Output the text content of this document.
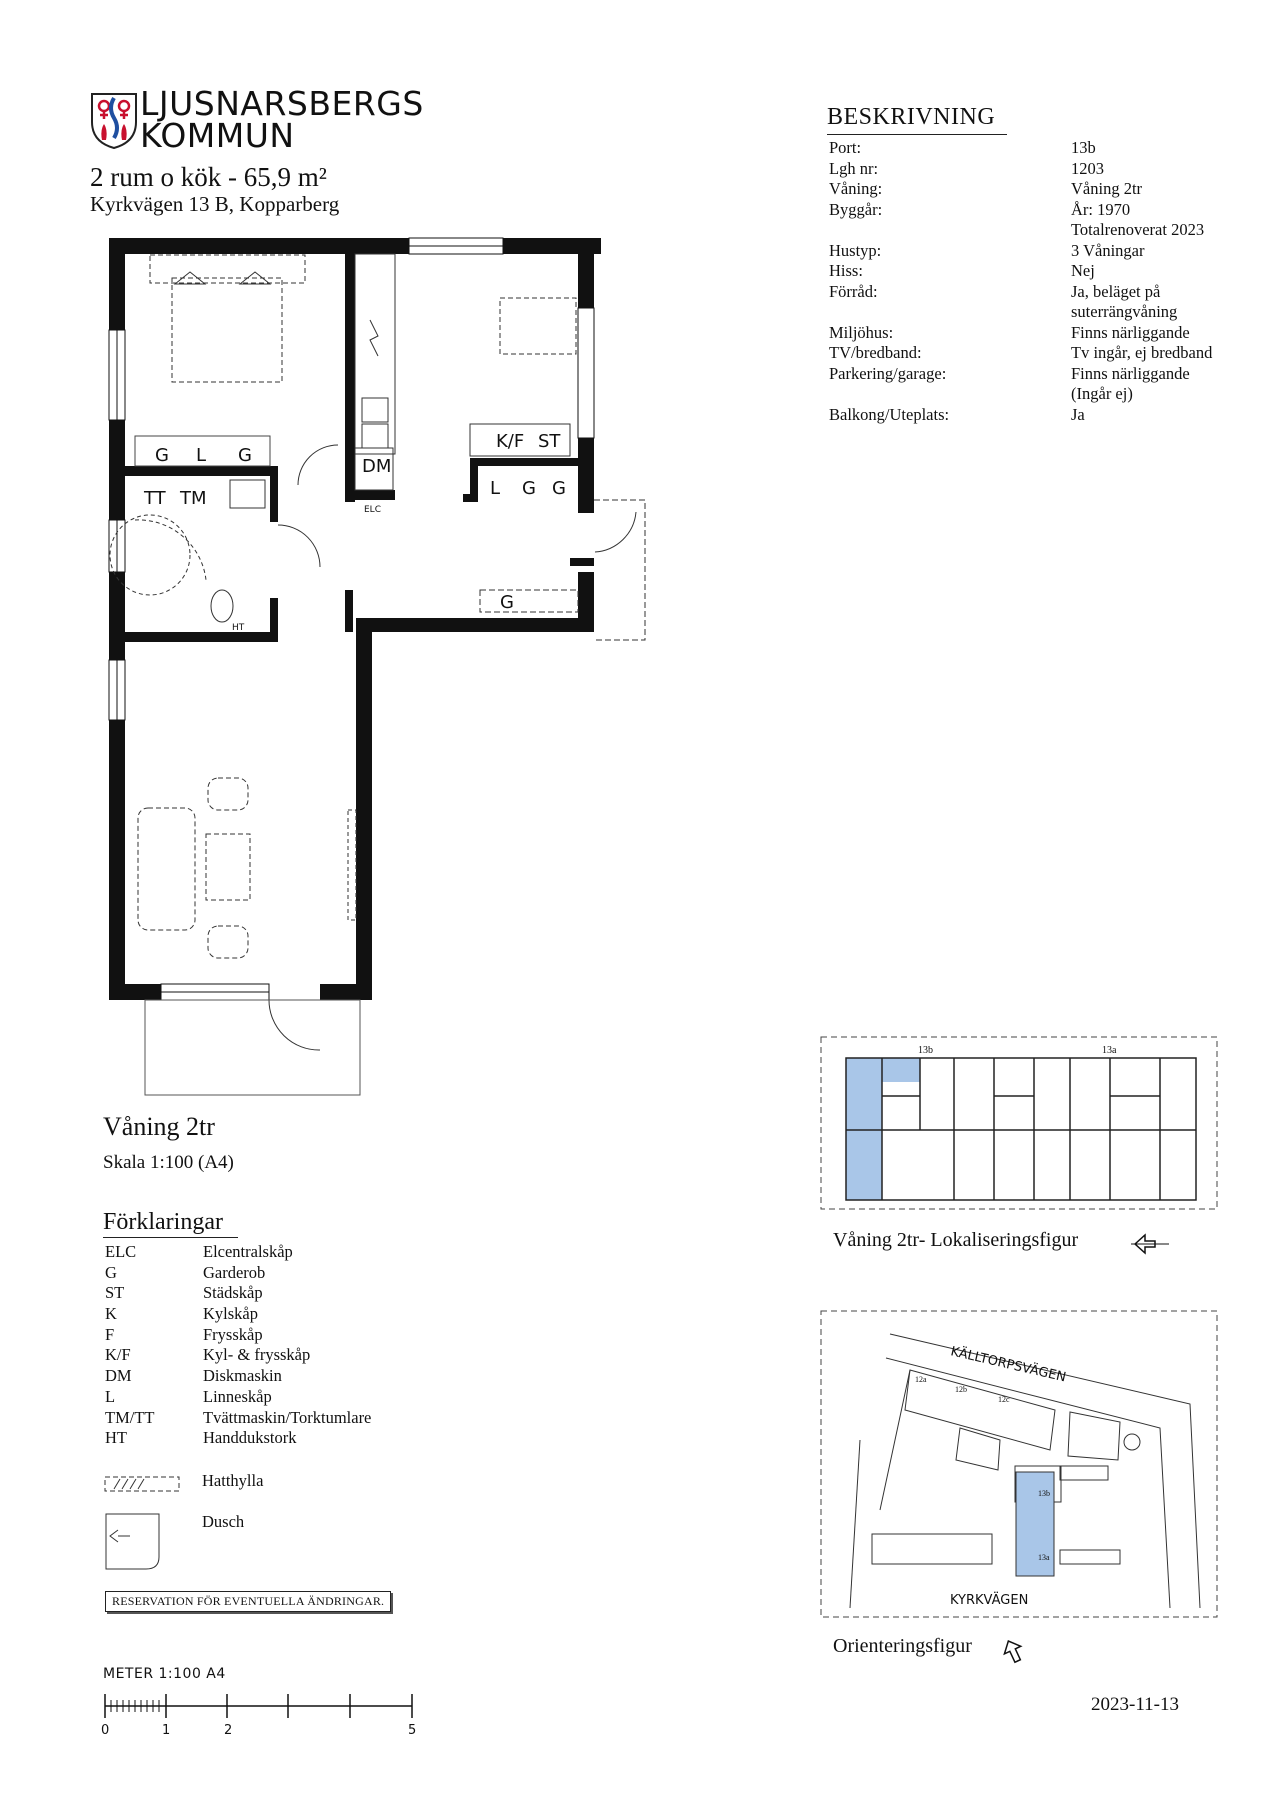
LJUSNARSBERGS
KOMMUN
2 rum o kök - 65,9 m²
Kyrkvägen 13 B, Kopparberg
BESKRIVNING
Port:	13b
Lgh nr:	1203
Våning:	Våning 2tr
Byggår:	År: 1970
Totalrenoverat 2023
Hustyp:	3 Våningar
Hiss:	Nej
Förråd:	Ja, beläget på
suterrängvåning
Miljöhus:	Finns närliggande
TV/bredband:	Tv ingår, ej bredband
Parkering/garage:	Finns närliggande
(Ingår ej)
Balkong/Uteplats:	Ja
G L G
TT TM
DM
K/F ST
L G G
G
ELC
HT
Våning 2tr
Skala 1:100 (A4)
Förklaringar
ELC	Elcentralskåp
G	Garderob
ST	Städskåp
K	Kylskåp
F	Frysskåp
K/F	Kyl- & frysskåp
DM	Diskmaskin
L	Linneskåp
TM/TT	Tvättmaskin/Torktumlare
HT	Handdukstork
Hatthylla
Dusch
RESERVATION FÖR EVENTUELLA ÄNDRINGAR.
METER 1:100 A4
0	1	2	5
13b	13a
Våning 2tr- Lokaliseringsfigur
KÄLLTORPSVÄGEN
KYRKVÄGEN
12a
12b
12c
13b
13a
Orienteringsfigur
2023-11-13
